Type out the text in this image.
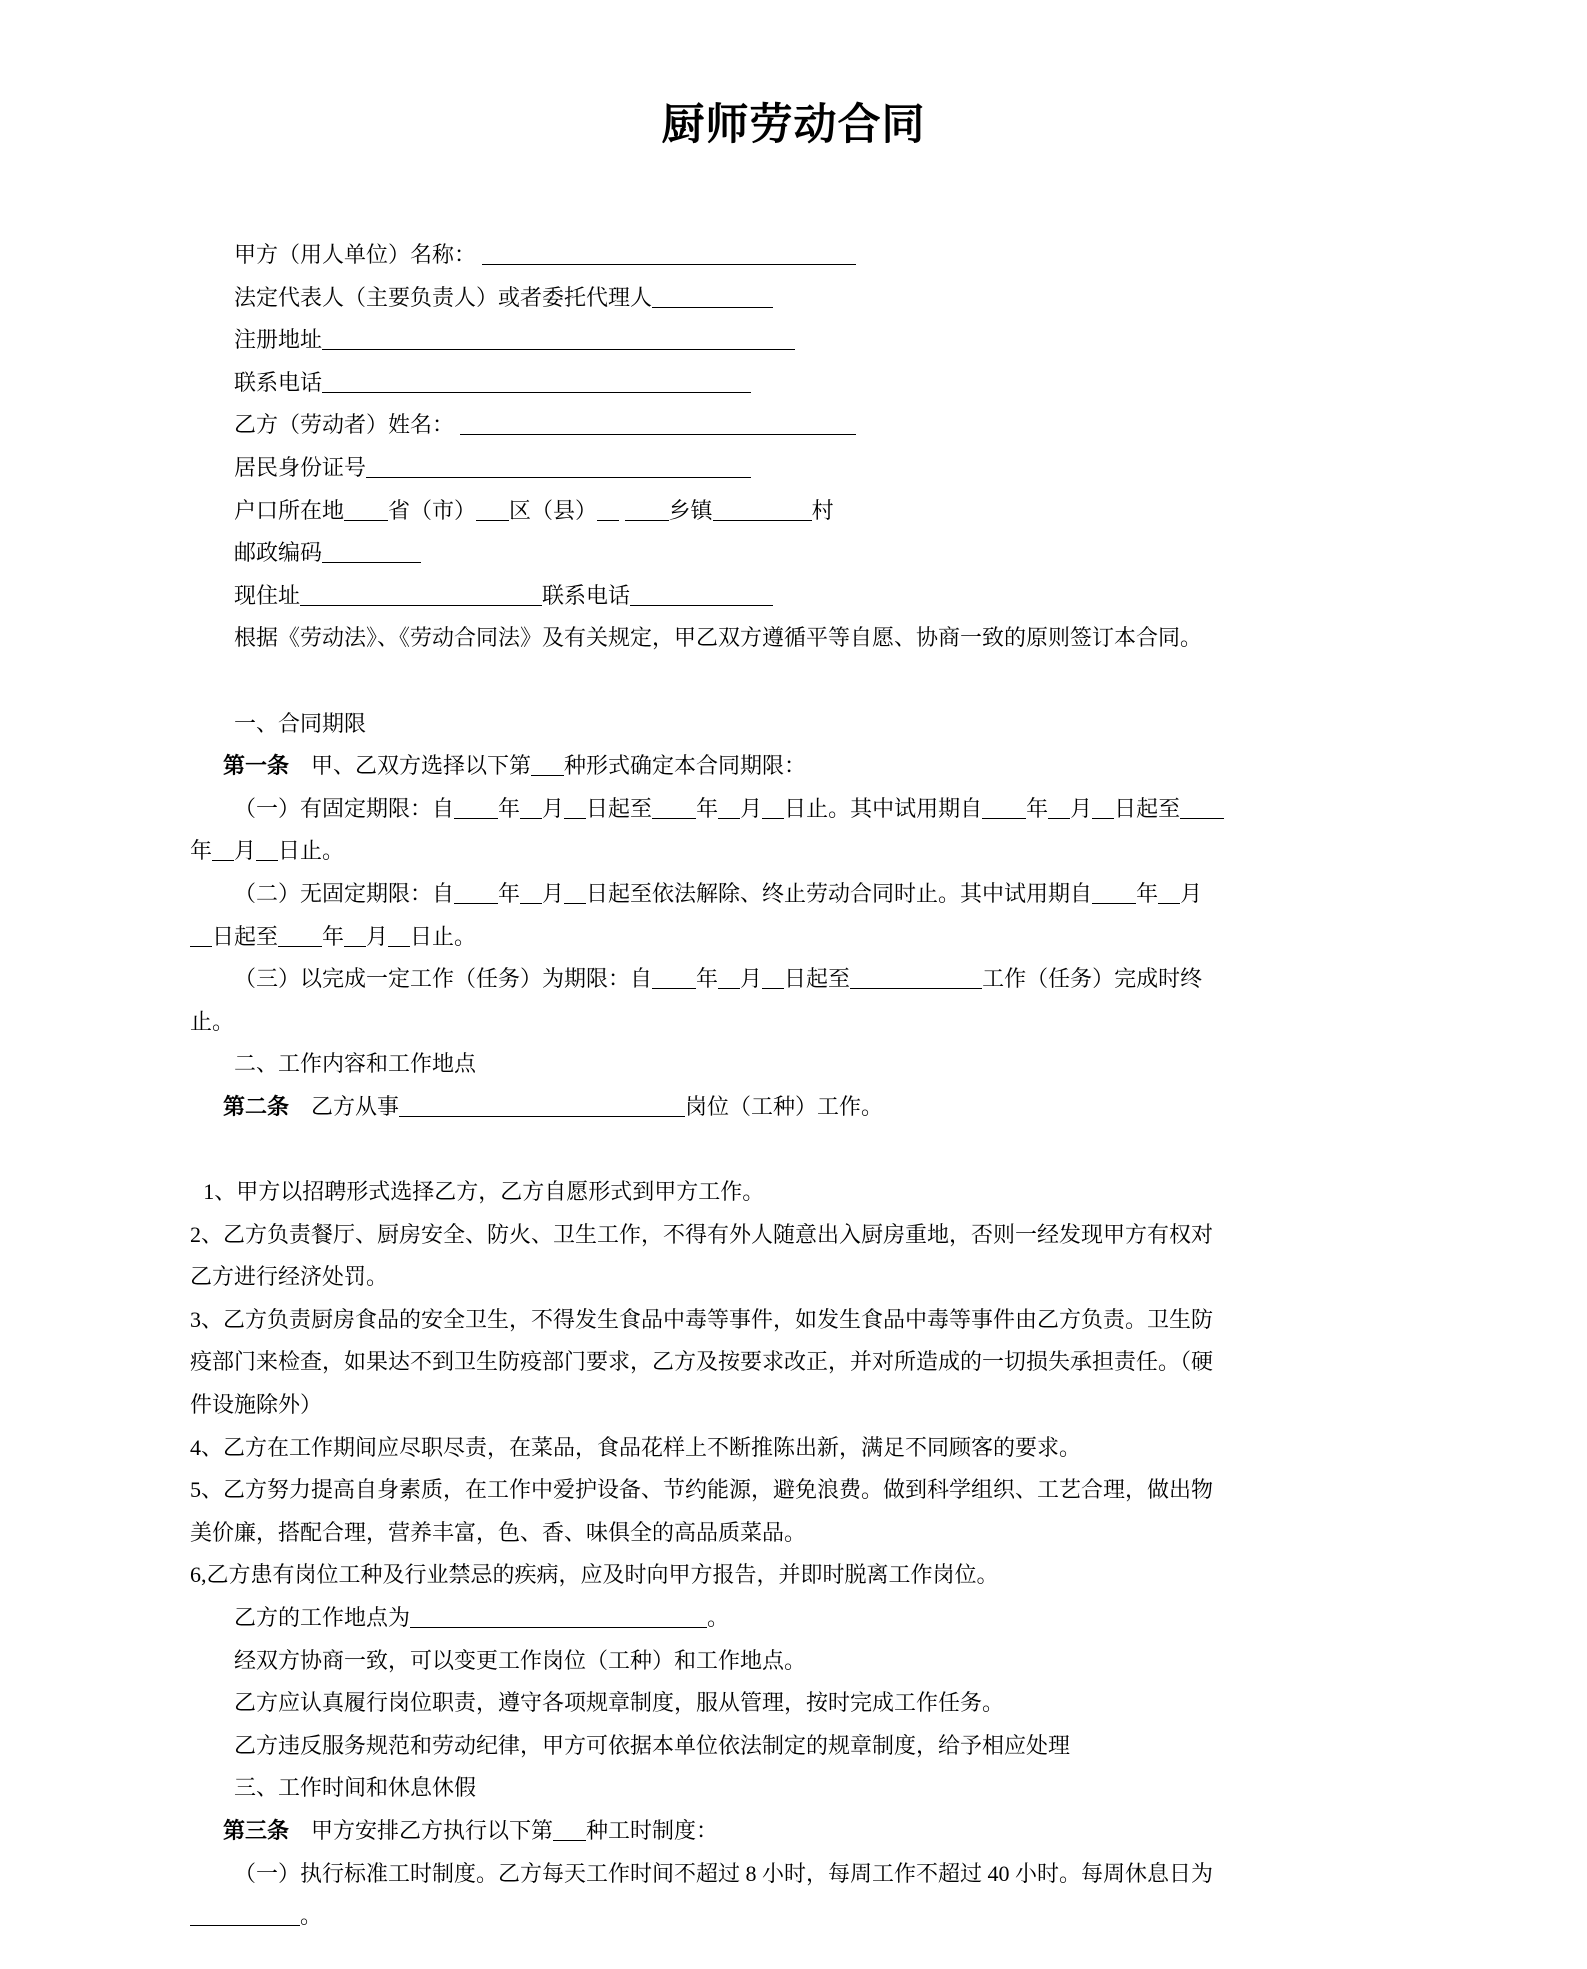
厨师劳动合同

甲方（用人单位）名称：

法定代表人（主要负责人）或者委托代理人

注册地址

联系电话

乙方（劳动者）姓名：

居民身份证号

户口所在地 省（市） 区（县）	乡镇	村

邮政编码

现住址	联系电话

根据《劳动法》、《劳动合同法》及有关规定，甲乙双方遵循平等自愿、协商一致的原则签订本合同。

一、合同期限

第一条　甲、乙双方选择以下第 种形式确定本合同期限：

（一）有固定期限：自 年 月 日起至 年 月 日止。其中试用期自 年 月 日起至

年 月 日止。

（二）无固定期限：自 年 月 日起至依法解除、终止劳动合同时止。其中试用期自 年 月

日起至 年 月 日止。

（三）以完成一定工作（任务）为期限：自 年 月 日起至	工作（任务）完成时终

止。

二、工作内容和工作地点

第二条　乙方从事	岗位（工种）工作。

1、甲方以招聘形式选择乙方，乙方自愿形式到甲方工作。

2、乙方负责餐厅、厨房安全、防火、卫生工作，不得有外人随意出入厨房重地，否则一经发现甲方有权对

乙方进行经济处罚。

3、乙方负责厨房食品的安全卫生，不得发生食品中毒等事件，如发生食品中毒等事件由乙方负责。卫生防

疫部门来检查，如果达不到卫生防疫部门要求，乙方及按要求改正，并对所造成的一切损失承担责任。（硬

件设施除外）

4、乙方在工作期间应尽职尽责，在菜品，食品花样上不断推陈出新，满足不同顾客的要求。

5、乙方努力提高自身素质，在工作中爱护设备、节约能源，避免浪费。做到科学组织、工艺合理，做出物

美价廉，搭配合理，营养丰富，色、香、味俱全的高品质菜品。

6,乙方患有岗位工种及行业禁忌的疾病，应及时向甲方报告，并即时脱离工作岗位。

乙方的工作地点为	。

经双方协商一致，可以变更工作岗位（工种）和工作地点。

乙方应认真履行岗位职责，遵守各项规章制度，服从管理，按时完成工作任务。

乙方违反服务规范和劳动纪律，甲方可依据本单位依法制定的规章制度，给予相应处理

三、工作时间和休息休假

第三条　甲方安排乙方执行以下第 种工时制度：

（一）执行标准工时制度。乙方每天工作时间不超过 8 小时，每周工作不超过 40 小时。每周休息日为

。
